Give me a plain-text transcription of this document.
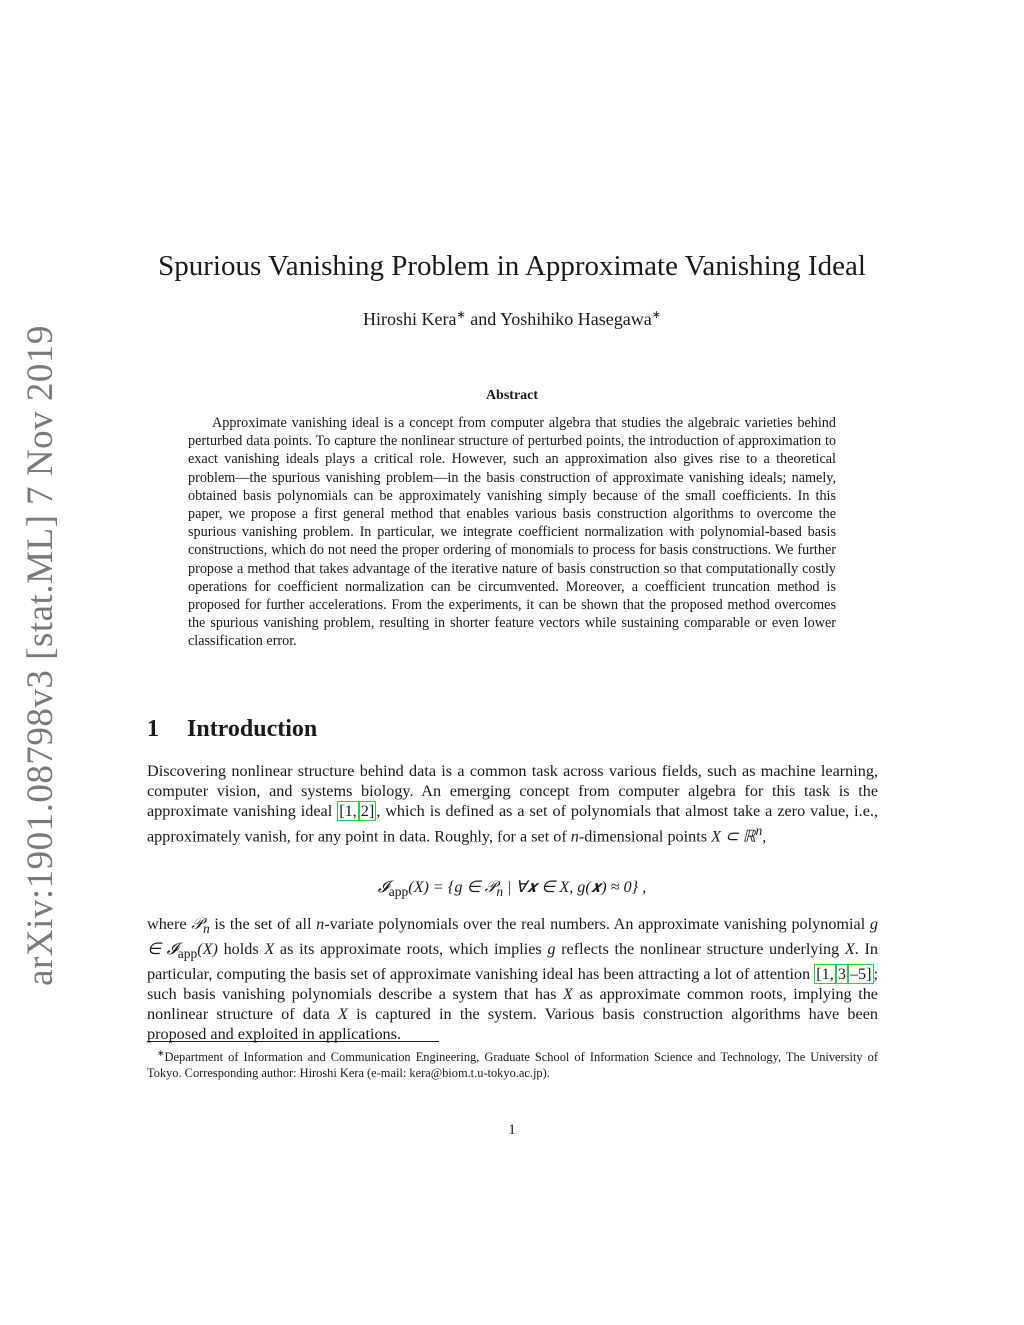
arXiv:1901.08798v3 [stat.ML] 7 Nov 2019
Spurious Vanishing Problem in Approximate Vanishing Ideal
Hiroshi Kera∗ and Yoshihiko Hasegawa∗
Abstract

Approximate vanishing ideal is a concept from computer algebra that studies the algebraic varieties behind perturbed data points. To capture the nonlinear structure of perturbed points, the introduction of approximation to exact vanishing ideals plays a critical role. However, such an approximation also gives rise to a theoretical problem—the spurious vanishing problem—in the basis construction of approximate vanishing ideals; namely, obtained basis polynomials can be approximately vanishing simply because of the small coefficients. In this paper, we propose a first general method that enables various basis construction algorithms to overcome the spurious vanishing problem. In particular, we integrate coefficient normalization with polynomial-based basis constructions, which do not need the proper ordering of monomials to process for basis constructions. We further propose a method that takes advantage of the iterative nature of basis construction so that computationally costly operations for coefficient normalization can be circumvented. Moreover, a coefficient truncation method is proposed for further accelerations. From the experiments, it can be shown that the proposed method overcomes the spurious vanishing problem, resulting in shorter feature vectors while sustaining comparable or even lower classification error.

1 Introduction

Discovering nonlinear structure behind data is a common task across various fields, such as machine learning, computer vision, and systems biology. An emerging concept from computer algebra for this task is the approximate vanishing ideal [1, 2] , which is defined as a set of polynomials that almost take a zero value, i.e., approximately vanish, for any point in data. Roughly, for a set of n-dimensional points X ⊂ ℝ$^n$,

𝓘$_{app}$(X) = {g ∈ 𝒫$_n$ | ∀𝒙 ∈ X, g(𝒙) ≈ 0} ,

where 𝒫$_n$ is the set of all n-variate polynomials over the real numbers. An approximate vanishing polynomial g ∈ 𝓘$_{app}$(X) holds X as its approximate roots, which implies g reflects the nonlinear structure underlying X. In particular, computing the basis set of approximate vanishing ideal has been attracting a lot of attention [1, 3 –5] ; such basis vanishing polynomials describe a system that has X as approximate common roots, implying the nonlinear structure of data X is captured in the system. Various basis construction algorithms have been proposed and exploited in applications.

∗Department of Information and Communication Engineering, Graduate School of Information Science and Technology, The University of Tokyo. Corresponding author: Hiroshi Kera (e-mail: kera@biom.t.u-tokyo.ac.jp).

1
